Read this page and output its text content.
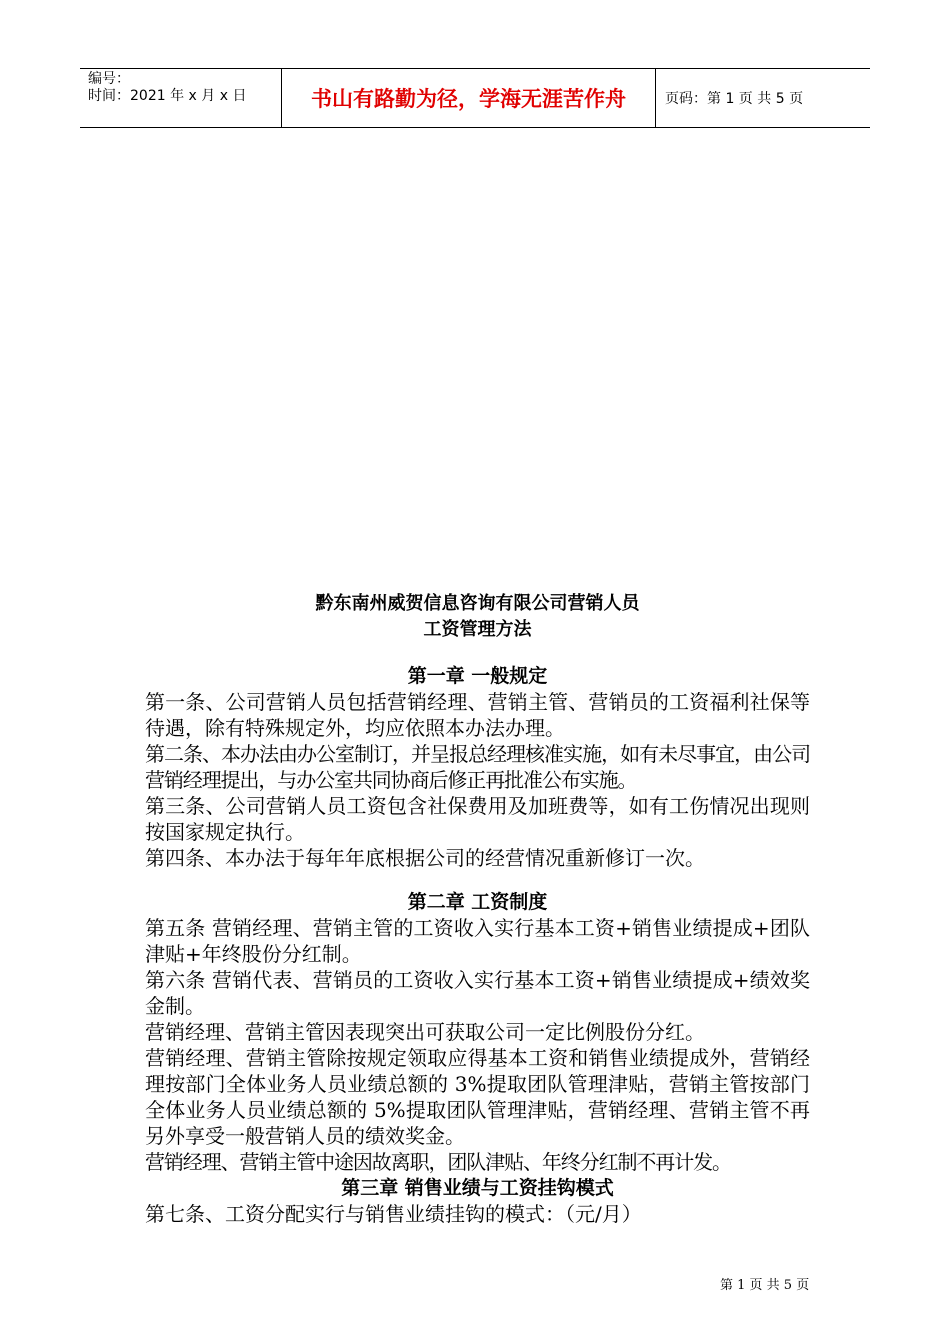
编号：
时间：2021 年 x 月 x 日	书山有路勤为径，学海无涯苦作舟	页码：第 1 页 共 5 页

黔东南州威贺信息咨询有限公司营销人员

工资管理方法

第一章 一般规定

第一条、公司营销人员包括营销经理、营销主管、营销员的工资福利社保等待遇，除有特殊规定外，均应依照本办法办理。

第二条、本办法由办公室制订，并呈报总经理核准实施，如有未尽事宜，由公司营销经理提出，与办公室共同协商后修正再批准公布实施。

第三条、公司营销人员工资包含社保费用及加班费等，如有工伤情况出现则按国家规定执行。

第四条、本办法于每年年底根据公司的经营情况重新修订一次。

第二章 工资制度

第五条 营销经理、营销主管的工资收入实行基本工资+销售业绩提成+团队津贴+年终股份分红制。

第六条 营销代表、营销员的工资收入实行基本工资+销售业绩提成+绩效奖金制。

营销经理、营销主管因表现突出可获取公司一定比例股份分红。

营销经理、营销主管除按规定领取应得基本工资和销售业绩提成外，营销经理按部门全体业务人员业绩总额的 3%提取团队管理津贴，营销主管按部门全体业务人员业绩总额的 5%提取团队管理津贴，营销经理、营销主管不再另外享受一般营销人员的绩效奖金。

营销经理、营销主管中途因故离职，团队津贴、年终分红制不再计发。

第三章 销售业绩与工资挂钩模式

第七条、工资分配实行与销售业绩挂钩的模式：（元/月）

第 1 页 共 5 页
